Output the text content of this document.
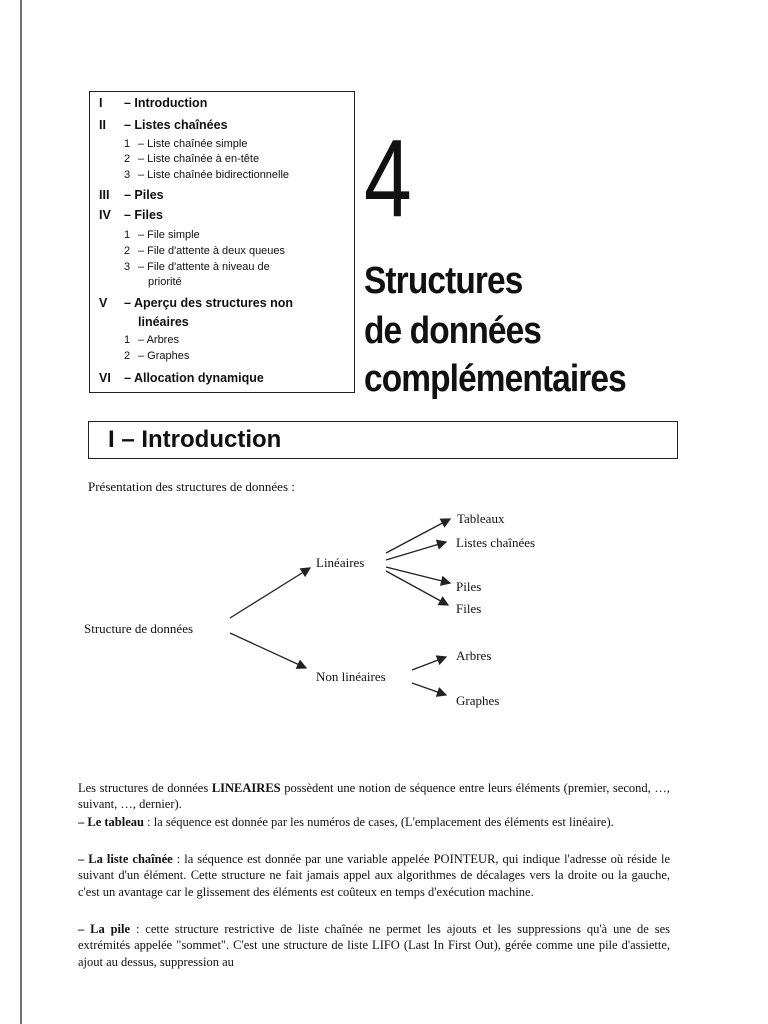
I – Introduction
II – Listes chaînées
1 – Liste chaînée simple
2 – Liste chaînée à en-tête
3 – Liste chaînée bidirectionnelle
III – Piles
IV – Files
1 – File simple
2 – File d'attente à deux queues
3 – File d'attente à niveau de
priorité
V – Aperçu des structures non
linéaires
1 – Arbres
2 – Graphes
VI – Allocation dynamique
4
Structures
de données
complémentaires
I – Introduction
Présentation des structures de données :
Structure de données
Linéaires
Non linéaires
Tableaux
Listes chaînées
Piles
Files
Arbres
Graphes
Les structures de données LINEAIRES possèdent une notion de séquence entre leurs éléments (premier, second, …, suivant, …, dernier).
– Le tableau : la séquence est donnée par les numéros de cases, (L'emplacement des éléments est linéaire).
– La liste chaînée : la séquence est donnée par une variable appelée POINTEUR, qui indique l'adresse où réside le suivant d'un élément. Cette structure ne fait jamais appel aux algorithmes de décalages vers la droite ou la gauche, c'est un avantage car le glissement des éléments est coûteux en temps d'exécution machine.
– La pile : cette structure restrictive de liste chaînée ne permet les ajouts et les suppressions qu'à une de ses extrémités appelée "sommet". C'est une structure de liste LIFO (Last In First Out), gérée comme une pile d'assiette, ajout au dessus, suppression au
